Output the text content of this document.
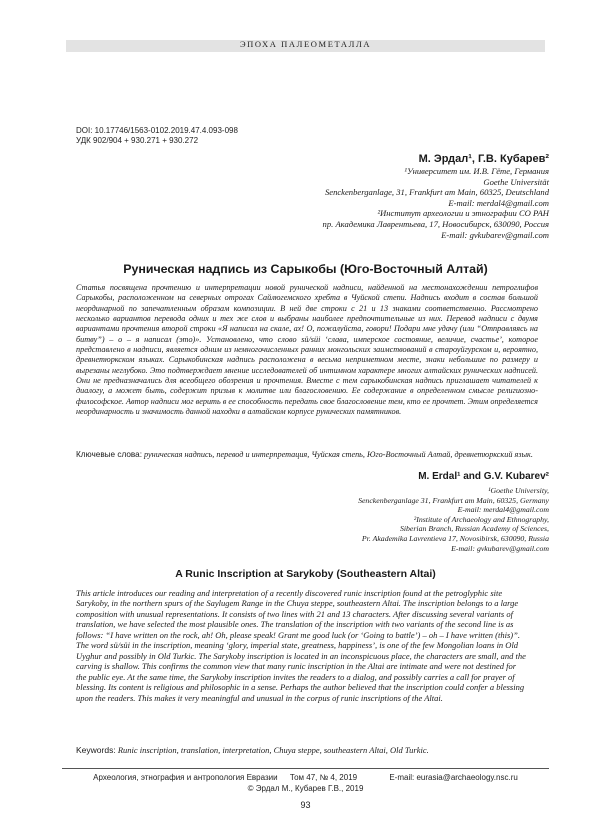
ЭПОХА ПАЛЕОМЕТАЛЛА
DOI: 10.17746/1563-0102.2019.47.4.093-098
УДК 902/904 + 930.271 + 930.272
М. Эрдал¹, Г.В. Кубарев²
¹Университет им. И.В. Гёте, Германия
Goethe Universität
Senckenberganlage, 31, Frankfurt am Main, 60325, Deutschland
E-mail: merdal4@gmail.com
²Институт археологии и этнографии СО РАН
пр. Академика Лаврентьева, 17, Новосибирск, 630090, Россия
E-mail: gvkubarev@gmail.com
Руническая надпись из Сарыкобы (Юго-Восточный Алтай)

Статья посвящена прочтению и интерпретации новой рунической надписи, найденной на местонахождении петроглифов Сарыкобы, расположенном на северных отрогах Сайлюгемского хребта в Чуйской степи. Надпись входит в состав большой неординарной по запечатленным образам композиции. В ней две строки с 21 и 13 знаками соответственно. Рассмотрено несколько вариантов перевода одних и тех же слов и выбраны наиболее предпочтительные из них. Перевод надписи с двумя вариантами прочтения второй строки «Я написал на скале, ах! О, пожалуйста, говори! Подари мне удачу (или “Отправляясь на битву”) – о – я написал (это)». Установлено, что слово sü/süi ‘слава, имперское состояние, величие, счастье’, которое представлено в надписи, является одним из немногочисленных ранних монгольских заимствований в староуйгурском и, вероятно, древнетюркском языках. Сарыкобинская надпись расположена в весьма неприметном месте, знаки небольшие по размеру и вырезаны неглубоко. Это подтверждает мнение исследователей об интимном характере многих алтайских рунических надписей. Они не предназначались для всеобщего обозрения и прочтения. Вместе с тем сарыкобинская надпись приглашает читателей к диалогу, а может быть, содержит призыв к молитве или благословению. Ее содержание в определенном смысле религиозно-философское. Автор надписи мог верить в ее способность передать свое благословение тем, кто ее прочтет. Этим определяется неординарность и значимость данной находки в алтайском корпусе рунических памятников.

Ключевые слова: руническая надпись, перевод и интерпретация, Чуйская степь, Юго-Восточный Алтай, древнетюркский язык.
M. Erdal¹ and G.V. Kubarev²
¹Goethe University,
Senckenberganlage 31, Frankfurt am Main, 60325, Germany
E-mail: merdal4@gmail.com
²Institute of Archaeology and Ethnography,
Siberian Branch, Russian Academy of Sciences,
Pr. Akademika Lavrentieva 17, Novosibirsk, 630090, Russia
E-mail: gvkubarev@gmail.com
A Runic Inscription at Sarykoby (Southeastern Altai)
This article introduces our reading and interpretation of a recently discovered runic inscription found at the petroglyphic site
Sarykoby, in the northern spurs of the Saylugem Range in the Chuya steppe, southeastern Altai. The inscription belongs to a large
composition with unusual representations. It consists of two lines with 21 and 13 characters. After discussing several variants of
translation, we have selected the most plausible ones. The translation of the inscription with two variants of the second line is as
follows: “I have written on the rock, ah! Oh, please speak! Grant me good luck (or ‘Going to battle’) – oh – I have written (this)”.
The word sü/süi in the inscription, meaning ‘glory, imperial state, greatness, happiness’, is one of the few Mongolian loans in Old
Uyghur and possibly in Old Turkic. The Sarykoby inscription is located in an inconspicuous place, the characters are small, and the
carving is shallow. This confirms the common view that many runic inscription in the Altai are intimate and were not destined for
the public eye. At the same time, the Sarykoby inscription invites the readers to a dialog, and possibly carries a call for prayer of
blessing. Its content is religious and philosophic in a sense. Perhaps the author believed that the inscription could confer a blessing
upon the readers. This makes it very meaningful and unusual in the corpus of runic inscriptions of the Altai.
Keywords: Runic inscription, translation, interpretation, Chuya steppe, southeastern Altai, Old Turkic.
Археология, этнография и антропология Евразии Том 47, № 4, 2019	E-mail: eurasia@archaeology.nsc.ru
© Эрдал М., Кубарев Г.В., 2019
93
